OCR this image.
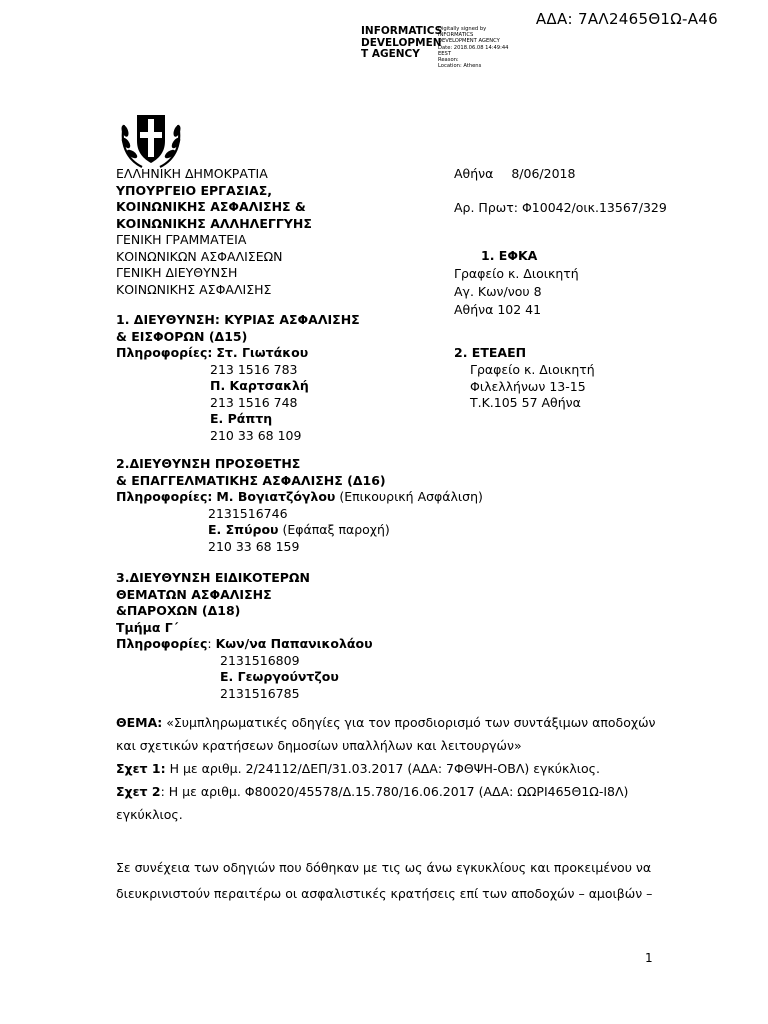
ΑΔΑ: 7ΑΛ2465Θ1Ω-Α46
INFORMATICS
DEVELOPMEN
T AGENCY
Digitally signed by
INFORMATICS
DEVELOPMENT AGENCY
Date: 2018.06.08 14:49:44
EEST
Reason:
Location: Athens
ΕΛΛΗΝΙΚΗ ΔΗΜΟΚΡΑΤΙΑ
ΥΠΟΥΡΓΕΙΟ ΕΡΓΑΣΙΑΣ,
ΚΟΙΝΩΝΙΚΗΣ ΑΣΦΑΛΙΣΗΣ &
ΚΟΙΝΩΝΙΚΗΣ ΑΛΛΗΛΕΓΓΥΗΣ
ΓΕΝΙΚΗ ΓΡΑΜΜΑΤΕΙΑ
ΚΟΙΝΩΝΙΚΩΝ ΑΣΦΑΛΙΣΕΩΝ
ΓΕΝΙΚΗ ΔΙΕΥΘΥΝΣΗ
ΚΟΙΝΩΝΙΚΗΣ ΑΣΦΑΛΙΣΗΣ
Αθήνα 8/06/2018
Αρ. Πρωτ: Φ10042/οικ.13567/329
1. ΕΦΚΑ
Γραφείο κ. Διοικητή
Αγ. Κων/νου 8
Αθήνα 102 41
2. ΕΤΕΑΕΠ
Γραφείο κ. Διοικητή
Φιλελλήνων 13-15
Τ.Κ.105 57 Αθήνα
1. ΔΙΕΥΘΥΝΣΗ: ΚΥΡΙΑΣ ΑΣΦΑΛΙΣΗΣ
& ΕΙΣΦΟΡΩΝ (Δ15)
Πληροφορίες: Στ. Γιωτάκου
213 1516 783
Π. Καρτσακλή
213 1516 748
Ε. Ράπτη
210 33 68 109
2.ΔΙΕΥΘΥΝΣΗ ΠΡΟΣΘΕΤΗΣ
& ΕΠΑΓΓΕΛΜΑΤΙΚΗΣ ΑΣΦΑΛΙΣΗΣ (Δ16)
Πληροφορίες: Μ. Βογιατζόγλου (Επικουρική Ασφάλιση)
2131516746
Ε. Σπύρου (Εφάπαξ παροχή)
210 33 68 159
3.ΔΙΕΥΘΥΝΣΗ ΕΙΔΙΚΟΤΕΡΩΝ
ΘΕΜΑΤΩΝ ΑΣΦΑΛΙΣΗΣ
&ΠΑΡΟΧΩΝ (Δ18)
Τμήμα Γ΄
Πληροφορίες: Κων/να Παπανικολάου
2131516809
Ε. Γεωργούντζου
2131516785
ΘΕΜΑ: «Συμπληρωματικές οδηγίες για τον προσδιορισμό των συντάξιμων αποδοχών
και σχετικών κρατήσεων δημοσίων υπαλλήλων και λειτουργών»
Σχετ 1: Η με αριθμ. 2/24112/ΔΕΠ/31.03.2017 (ΑΔΑ: 7ΦΘΨΗ-ΟΒΛ) εγκύκλιος.
Σχετ 2: Η με αριθμ. Φ80020/45578/Δ.15.780/16.06.2017 (ΑΔΑ: ΩΩΡΙ465Θ1Ω-Ι8Λ)
εγκύκλιος.
Σε συνέχεια των οδηγιών που δόθηκαν με τις ως άνω εγκυκλίους και προκειμένου να
διευκρινιστούν περαιτέρω οι ασφαλιστικές κρατήσεις επί των αποδοχών – αμοιβών –
1
